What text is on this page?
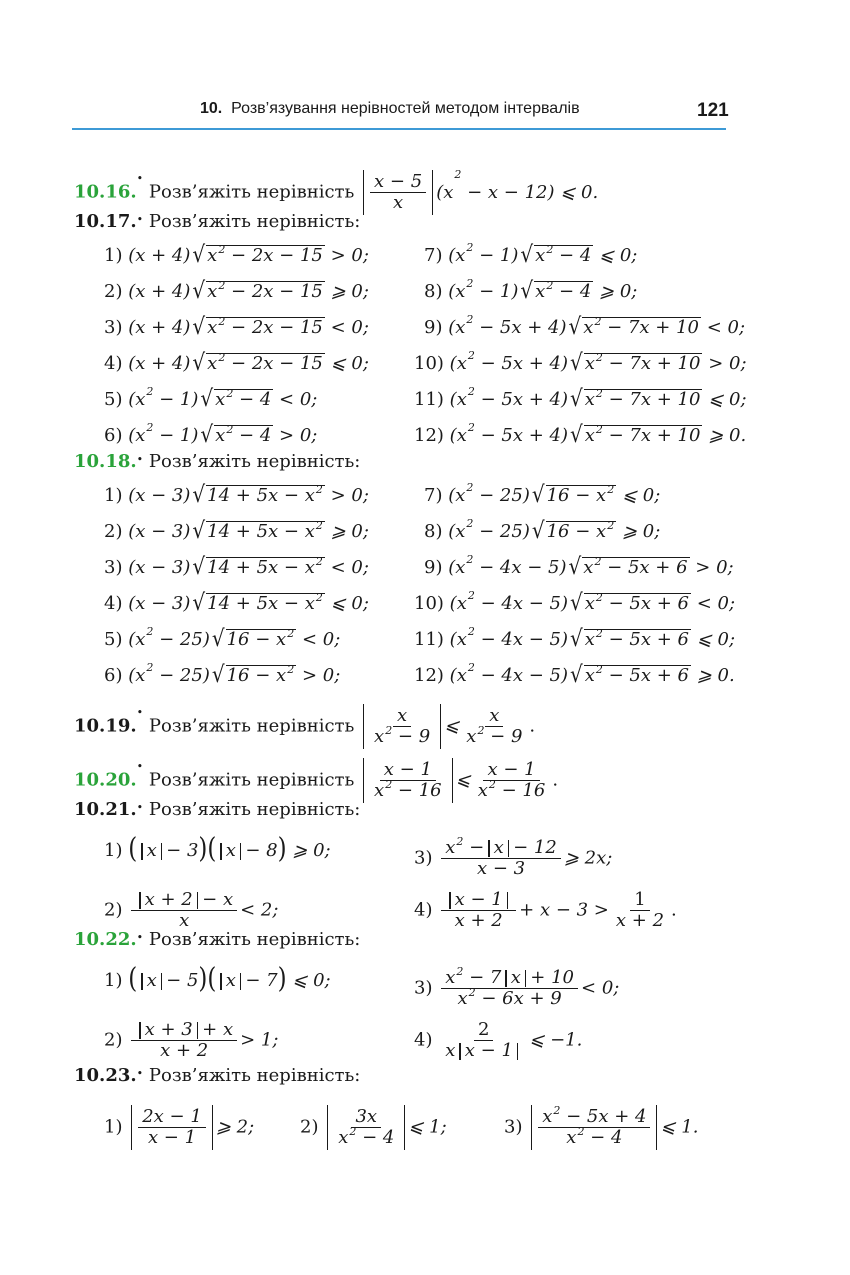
10. Розв’язування нерівностей методом інтервалів	121
10.16.• Розв’яжіть нерівність $\frac{x - 5}{x} (x^2 - x - 12)$ ⩽ 0.
10.17.• Розв’яжіть нерівність:
1) (x + 4) √ $x^2 - 2x - 15 > 0$;
2) (x + 4) √ $x^2 - 2x - 15$ ⩾ 0;
3) (x + 4) √ $x^2 - 2x - 15 < 0$;
4) (x + 4) √ $x^2 - 2x - 15$ ⩽ 0;
5) $(x^2 - 1)$ √ $x^2 - 4 < 0$;
6) $(x^2 - 1)$ √ $x^2 - 4 > 0$;
7) $(x^2 - 1)$ √ $x^2 - 4$ ⩽ 0;
8) $(x^2 - 1)$ √ $x^2 - 4$ ⩾ 0;
9) $(x^2 - 5x + 4)$ √ $x^2 - 7x + 10 < 0$;
10) $(x^2 - 5x + 4)$ √ $x^2 - 7x + 10 > 0$;
11) $(x^2 - 5x + 4)$ √ $x^2 - 7x + 10$ ⩽ 0;
12) $(x^2 - 5x + 4)$ √ $x^2 - 7x + 10$ ⩾ 0.
10.18.• Розв’яжіть нерівність:
1) (x − 3) √ $14 + 5x - x^2 > 0$;
2) (x − 3) √ $14 + 5x - x^2$ ⩾ 0;
3) (x − 3) √ $14 + 5x - x^2 < 0$;
4) (x − 3) √ $14 + 5x - x^2$ ⩽ 0;
5) $(x^2 - 25)$ √ $16 - x^2 < 0$;
6) $(x^2 - 25)$ √ $16 - x^2 > 0$;
7) $(x^2 - 25)$ √ $16 - x^2$ ⩽ 0;
8) $(x^2 - 25)$ √ $16 - x^2$ ⩾ 0;
9) $(x^2 - 4x - 5)$ √ $x^2 - 5x + 6 > 0$;
10) $(x^2 - 4x - 5)$ √ $x^2 - 5x + 6 < 0$;
11) $(x^2 - 4x - 5)$ √ $x^2 - 5x + 6$ ⩽ 0;
12) $(x^2 - 4x - 5)$ √ $x^2 - 5x + 6$ ⩾ 0.
10.19.• Розв’яжіть нерівність $\frac{x}{x^2 - 9}$ ⩽ $\frac{x}{x^2 - 9}$ .
10.20.• Розв’яжіть нерівність $\frac{x - 1}{x^2 - 16}$ ⩽ $\frac{x - 1}{x^2 - 16}$ .
10.21.• Розв’яжіть нерівність:
1) ( x − 3)( x − 8) ⩾ 0;
$2) \frac{x + 2 - x}{x} < 2$;
$3) \frac{x^2 - x - 12}{x - 3}$ ⩾ 2x;
$4) \frac{x - 1}{x + 2} + x - 3 > \frac{1}{x + 2}$ .
10.22.• Розв’яжіть нерівність:
1) ( x − 5)( x − 7) ⩽ 0;
$2) \frac{x + 3 + x}{x + 2} > 1$;
$3) \frac{x^2 - 7 x + 10}{x^2 - 6x + 9} < 0$;
$4) \frac{2}{\text{x x − 1}}$ ⩽ −1.
10.23.• Розв’яжіть нерівність:
$1) \frac{2x - 1}{x - 1}$ ⩾ 2;	$2) \frac{3x}{x^2 - 4}$ ⩽ 1;	$3) \frac{x^2 - 5x + 4}{x^2 - 4}$ ⩽ 1.
